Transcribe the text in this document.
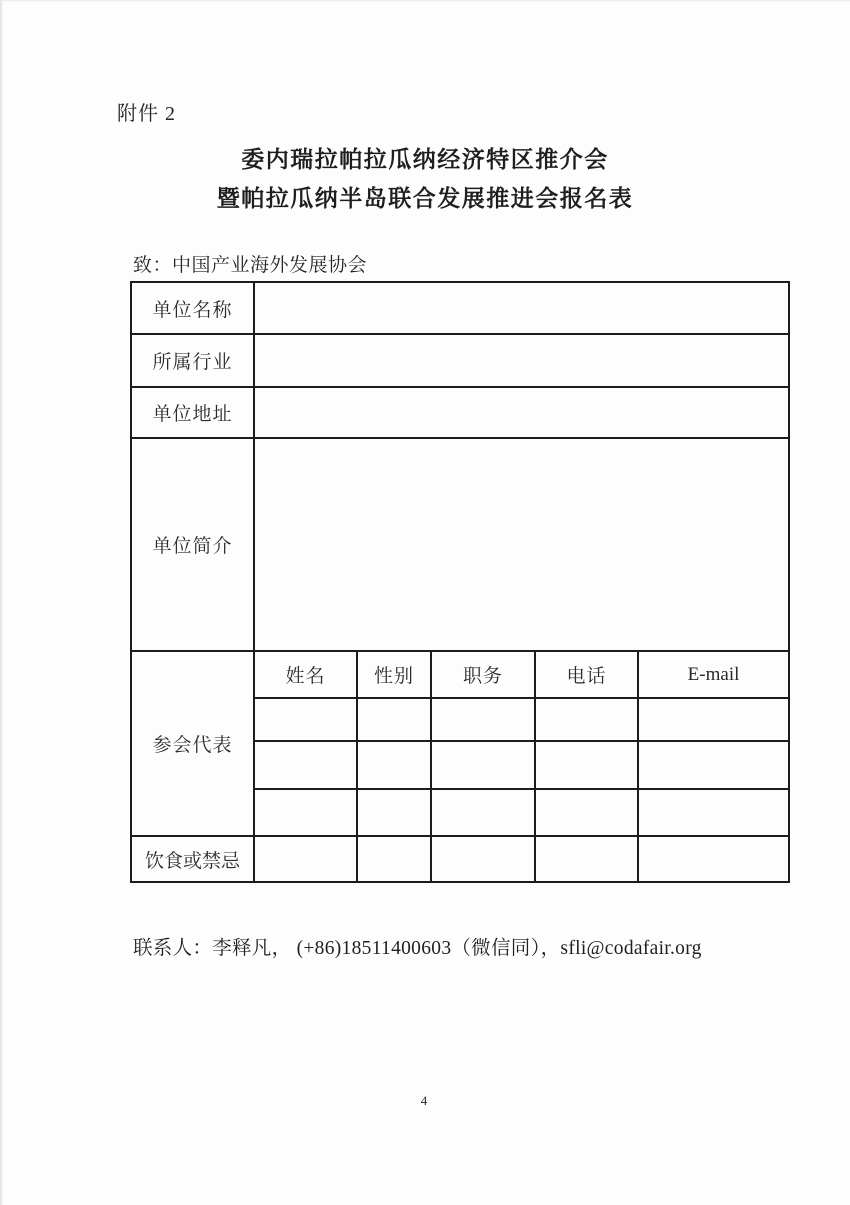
附件 2
委内瑞拉帕拉瓜纳经济特区推介会
暨帕拉瓜纳半岛联合发展推进会报名表
致：中国产业海外发展协会
单位名称					
所属行业					
单位地址					
单位简介					
参会代表	姓名	性别	职务	电话	E-mail

饮食或禁忌					
联系人：李释凡， (+86)18511400603（微信同），sfli@codafair.org
4
